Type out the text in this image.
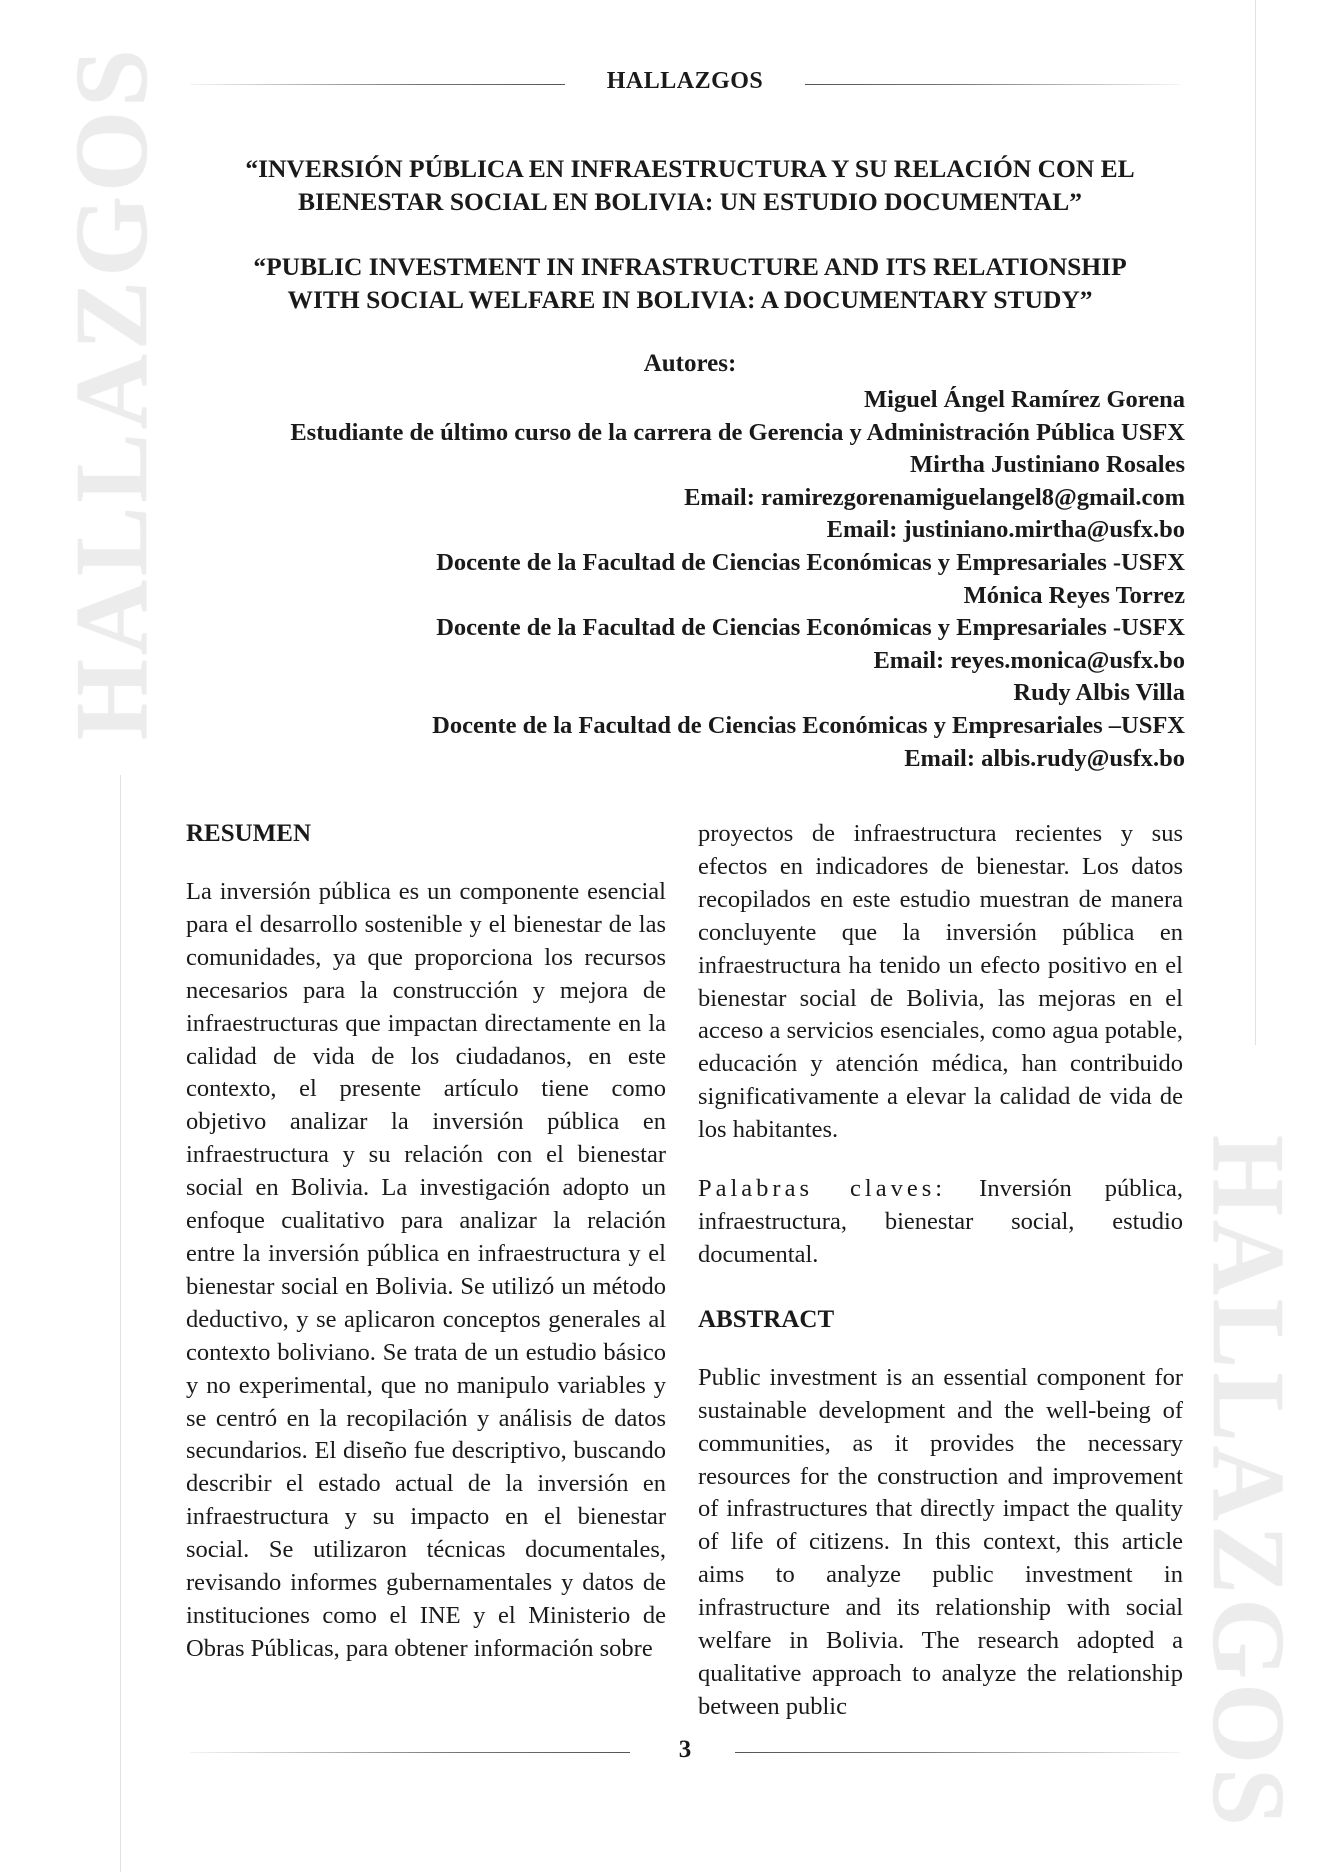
HALLAZGOS
HALLAZGOS
HALLAZGOS
“INVERSIÓN PÚBLICA EN INFRAESTRUCTURA Y SU RELACIÓN CON EL
BIENESTAR SOCIAL EN BOLIVIA: UN ESTUDIO DOCUMENTAL”
“PUBLIC INVESTMENT IN INFRASTRUCTURE AND ITS RELATIONSHIP
WITH SOCIAL WELFARE IN BOLIVIA: A DOCUMENTARY STUDY”
Autores:
Miguel Ángel Ramírez Gorena
Estudiante de último curso de la carrera de Gerencia y Administración Pública USFX
Mirtha Justiniano Rosales
Email: ramirezgorenamiguelangel8@gmail.com
Email: justiniano.mirtha@usfx.bo
Docente de la Facultad de Ciencias Económicas y Empresariales -USFX
Mónica Reyes Torrez
Docente de la Facultad de Ciencias Económicas y Empresariales -USFX
Email: reyes.monica@usfx.bo
Rudy Albis Villa
Docente de la Facultad de Ciencias Económicas y Empresariales –USFX
Email: albis.rudy@usfx.bo
RESUMEN

La inversión pública es un componente esencial para el desarrollo sostenible y el bienestar de las comunidades, ya que proporciona los recursos necesarios para la construcción y mejora de infraestructuras que impactan directamente en la calidad de vida de los ciudadanos, en este contexto, el presente artículo tiene como objetivo analizar la inversión pública en infraestructura y su relación con el bienestar social en Bolivia. La investigación adopto un enfoque cualitativo para analizar la relación entre la inversión pública en infraestructura y el bienestar social en Bolivia. Se utilizó un método deductivo, y se aplicaron conceptos generales al contexto boliviano. Se trata de un estudio básico y no experimental, que no manipulo variables y se centró en la recopilación y análisis de datos secundarios. El diseño fue descriptivo, buscando describir el estado actual de la inversión en infraestructura y su impacto en el bienestar social. Se utilizaron técnicas documentales, revisando informes gubernamentales y datos de instituciones como el INE y el Ministerio de Obras Públicas, para obtener información sobre

proyectos de infraestructura recientes y sus efectos en indicadores de bienestar. Los datos recopilados en este estudio muestran de manera concluyente que la inversión pública en infraestructura ha tenido un efecto positivo en el bienestar social de Bolivia, las mejoras en el acceso a servicios esenciales, como agua potable, educación y atención médica, han contribuido significativamente a elevar la calidad de vida de los habitantes.

Palabras claves: Inversión pública, infraestructura, bienestar social, estudio documental.

ABSTRACT

Public investment is an essential component for sustainable development and the well-being of communities, as it provides the necessary resources for the construction and improvement of infrastructures that directly impact the quality of life of citizens. In this context, this article aims to analyze public investment in infrastructure and its relationship with social welfare in Bolivia. The research adopted a qualitative approach to analyze the relationship between public

3
